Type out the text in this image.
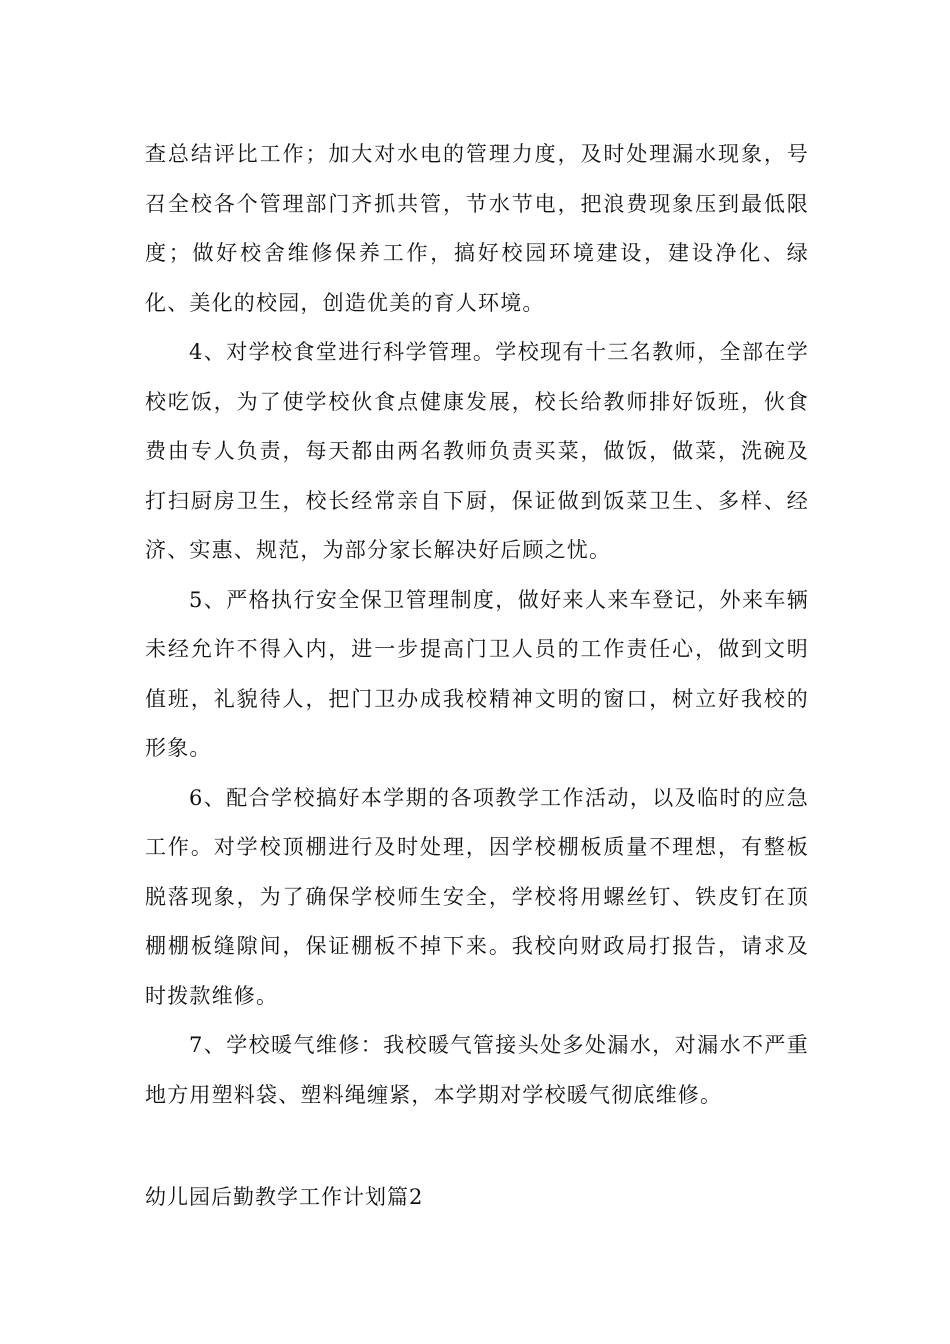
查总结评比工作；加大对水电的管理力度，及时处理漏水现象，号召全校各个管理部门齐抓共管，节水节电，把浪费现象压到最低限度；做好校舍维修保养工作，搞好校园环境建设，建设净化、绿化、美化的校园，创造优美的育人环境。

4、对学校食堂进行科学管理。学校现有十三名教师，全部在学校吃饭，为了使学校伙食点健康发展，校长给教师排好饭班，伙食费由专人负责，每天都由两名教师负责买菜，做饭，做菜，洗碗及打扫厨房卫生，校长经常亲自下厨，保证做到饭菜卫生、多样、经济、实惠、规范，为部分家长解决好后顾之忧。

5、严格执行安全保卫管理制度，做好来人来车登记，外来车辆未经允许不得入内，进一步提高门卫人员的工作责任心，做到文明值班，礼貌待人，把门卫办成我校精神文明的窗口，树立好我校的形象。

6、配合学校搞好本学期的各项教学工作活动，以及临时的应急工作。对学校顶棚进行及时处理，因学校棚板质量不理想，有整板脱落现象，为了确保学校师生安全，学校将用螺丝钉、铁皮钉在顶棚棚板缝隙间，保证棚板不掉下来。我校向财政局打报告，请求及时拨款维修。

7、学校暖气维修：我校暖气管接头处多处漏水，对漏水不严重地方用塑料袋、塑料绳缠紧，本学期对学校暖气彻底维修。

幼儿园后勤教学工作计划篇2
